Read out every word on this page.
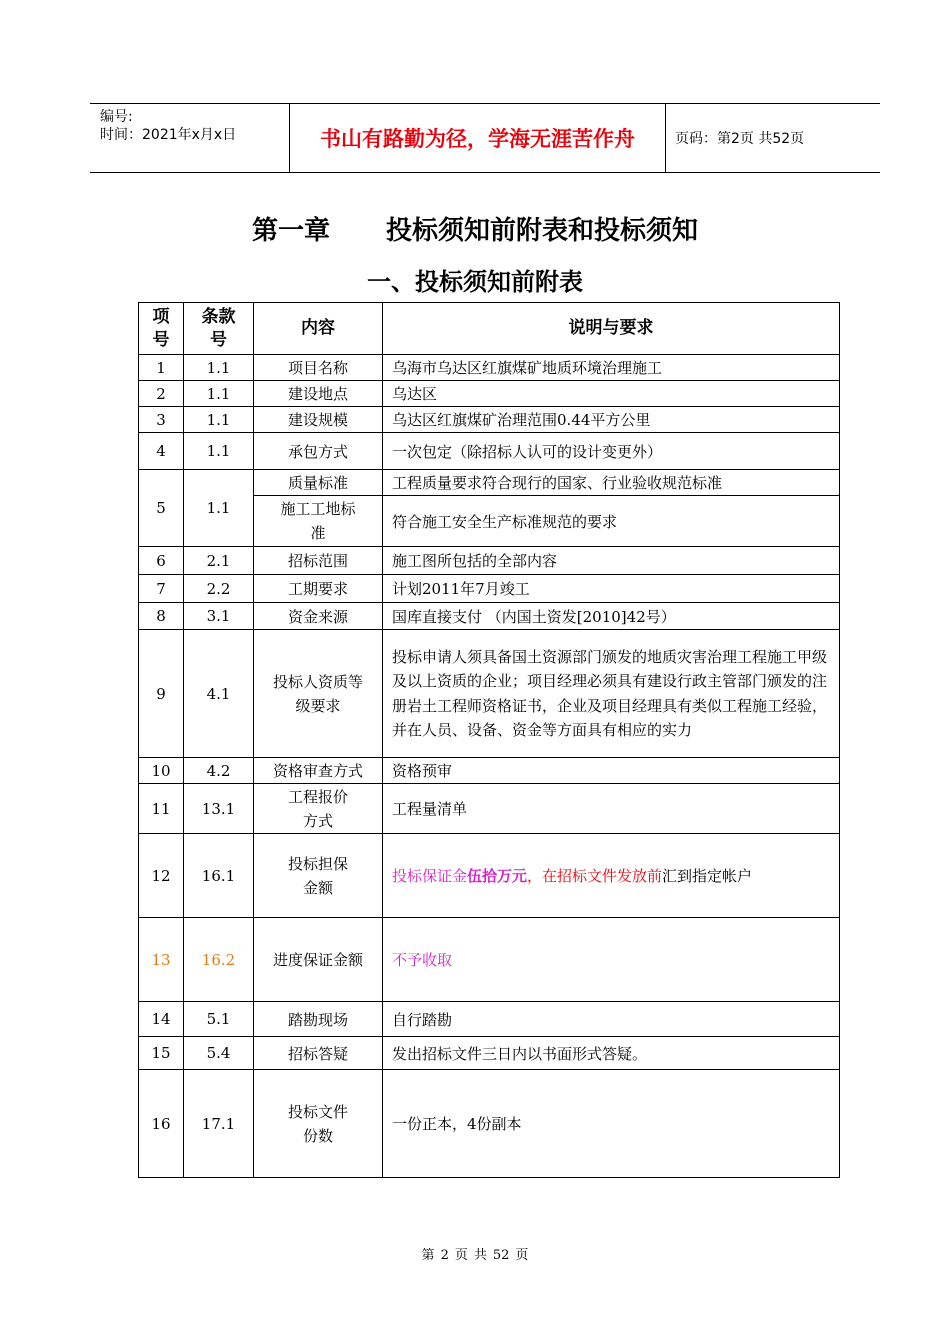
编号:
时间：2021年x月x日	书山有路勤为径，学海无涯苦作舟	页码：第2页 共52页
第一章 投标须知前附表和投标须知
一、投标须知前附表
项号	条款号	内容	说明与要求
1	1.1	项目名称	乌海市乌达区红旗煤矿地质环境治理施工
2	1.1	建设地点	乌达区
3	1.1	建设规模	乌达区红旗煤矿治理范围0.44平方公里
4	1.1	承包方式	一次包定（除招标人认可的设计变更外）
5	1.1	质量标准	工程质量要求符合现行的国家、行业验收规范标准
		施工工地标准	符合施工安全生产标准规范的要求
6	2.1	招标范围	施工图所包括的全部内容
7	2.2	工期要求	计划2011年7月竣工
8	3.1	资金来源	国库直接支付 （内国土资发[2010]42号）
9	4.1	投标人资质等级要求	投标申请人须具备国土资源部门颁发的地质灾害治理工程施工甲级及以上资质的企业；项目经理必须具有建设行政主管部门颁发的注册岩土工程师资格证书，企业及项目经理具有类似工程施工经验，并在人员、设备、资金等方面具有相应的实力
10	4.2	资格审查方式	资格预审
11	13.1	工程报价方式	工程量清单
12	16.1	投标担保金额	投标保证金伍拾万元，在招标文件发放前汇到指定帐户
13	16.2	进度保证金额	不予收取
14	5.1	踏勘现场	自行踏勘
15	5.4	招标答疑	发出招标文件三日内以书面形式答疑。
16	17.1	投标文件份数	一份正本，4份副本
第 2 页 共 52 页
